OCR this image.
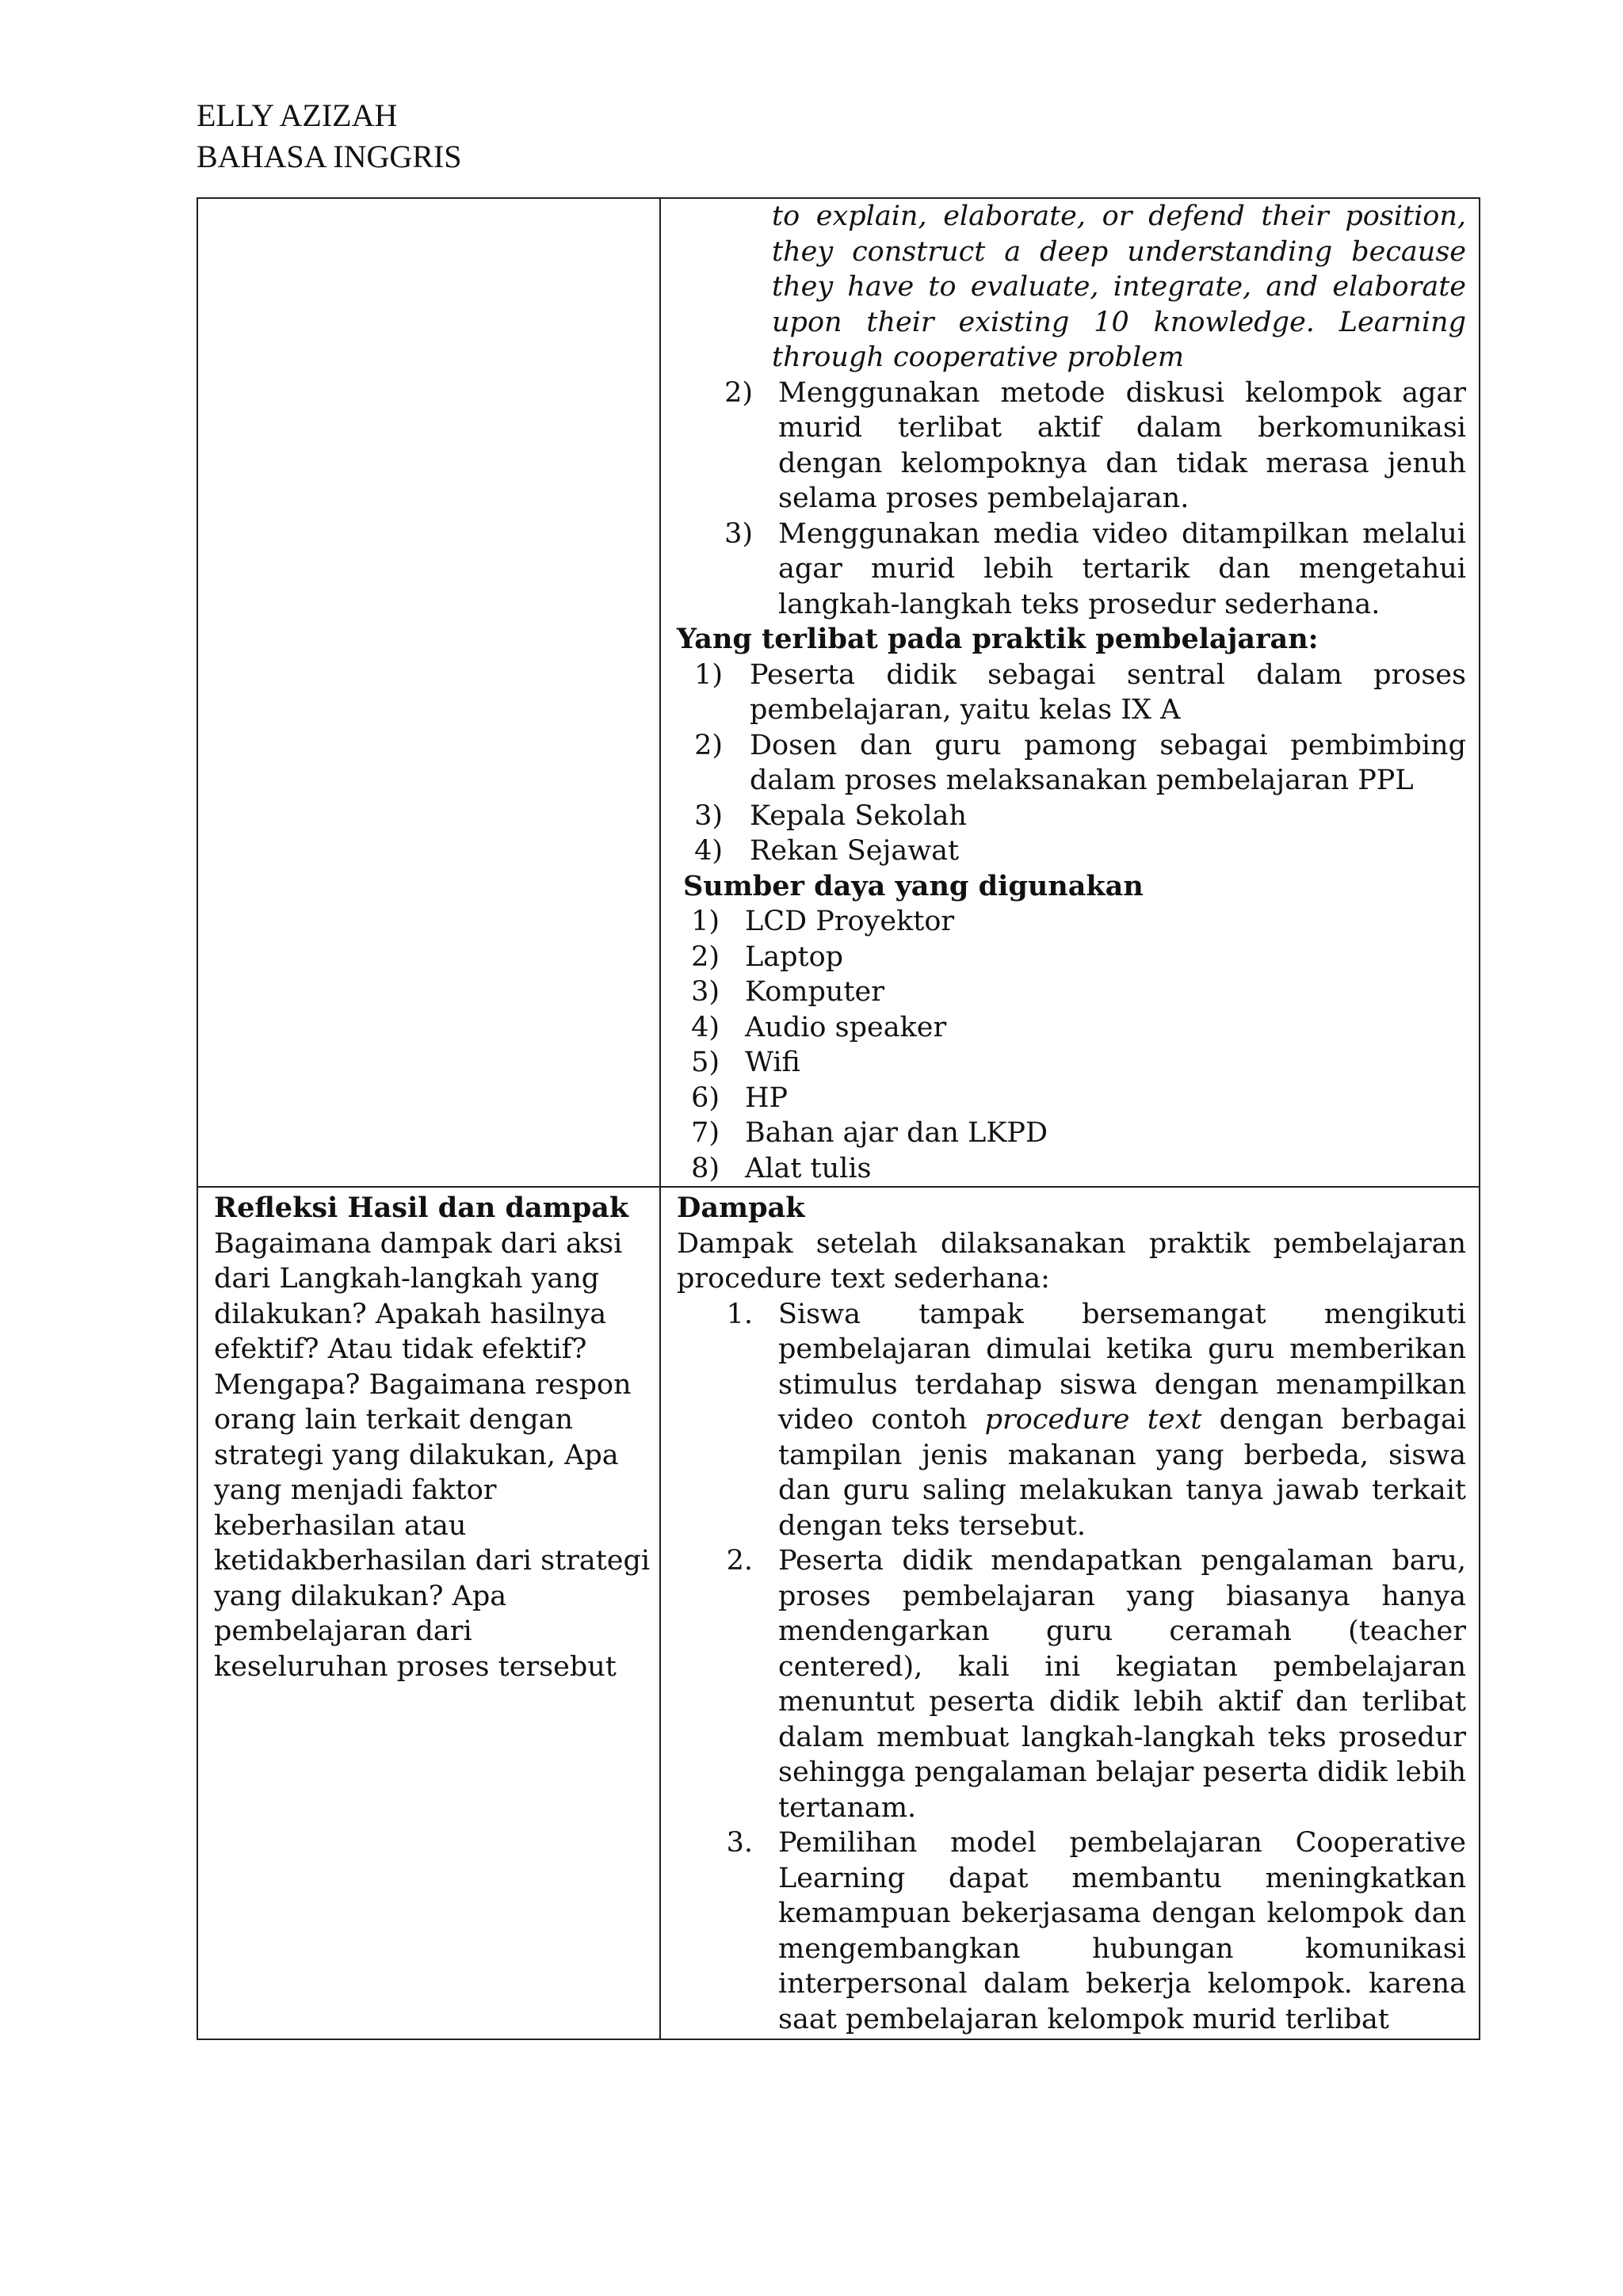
ELLY AZIZAH
BAHASA INGGRIS
to explain, elaborate, or defend their position, they construct a deep understanding because they have to evaluate, integrate, and elaborate upon their existing 10 knowledge. Learning through cooperative problem
2) Menggunakan metode diskusi kelompok agar murid terlibat aktif dalam berkomunikasi dengan kelompoknya dan tidak merasa jenuh selama proses pembelajaran.
3) Menggunakan media video ditampilkan melalui agar murid lebih tertarik dan mengetahui langkah-langkah teks prosedur sederhana.
Yang terlibat pada praktik pembelajaran:
1) Peserta didik sebagai sentral dalam proses pembelajaran, yaitu kelas IX A
2) Dosen dan guru pamong sebagai pembimbing dalam proses melaksanakan pembelajaran PPL
3) Kepala Sekolah
4) Rekan Sejawat
Sumber daya yang digunakan
1) LCD Proyektor
2) Laptop
3) Komputer
4) Audio speaker
5) Wifi
6) HP
7) Bahan ajar dan LKPD
8) Alat tulis
Refleksi Hasil dan dampak
Bagaimana dampak dari aksi dari Langkah-langkah yang dilakukan? Apakah hasilnya efektif? Atau tidak efektif? Mengapa? Bagaimana respon orang lain terkait dengan strategi yang dilakukan, Apa yang menjadi faktor keberhasilan atau ketidakberhasilan dari strategi yang dilakukan? Apa pembelajaran dari keseluruhan proses tersebut
Dampak
Dampak setelah dilaksanakan praktik pembelajaran procedure text sederhana:
1. Siswa tampak bersemangat mengikuti pembelajaran dimulai ketika guru memberikan stimulus terdahap siswa dengan menampilkan video contoh procedure text dengan berbagai tampilan jenis makanan yang berbeda, siswa dan guru saling melakukan tanya jawab terkait dengan teks tersebut.
2. Peserta didik mendapatkan pengalaman baru, proses pembelajaran yang biasanya hanya mendengarkan guru ceramah (teacher centered), kali ini kegiatan pembelajaran menuntut peserta didik lebih aktif dan terlibat dalam membuat langkah-langkah teks prosedur sehingga pengalaman belajar peserta didik lebih tertanam.
3. Pemilihan model pembelajaran Cooperative Learning dapat membantu meningkatkan kemampuan bekerjasama dengan kelompok dan mengembangkan hubungan komunikasi interpersonal dalam bekerja kelompok. karena saat pembelajaran kelompok murid terlibat
